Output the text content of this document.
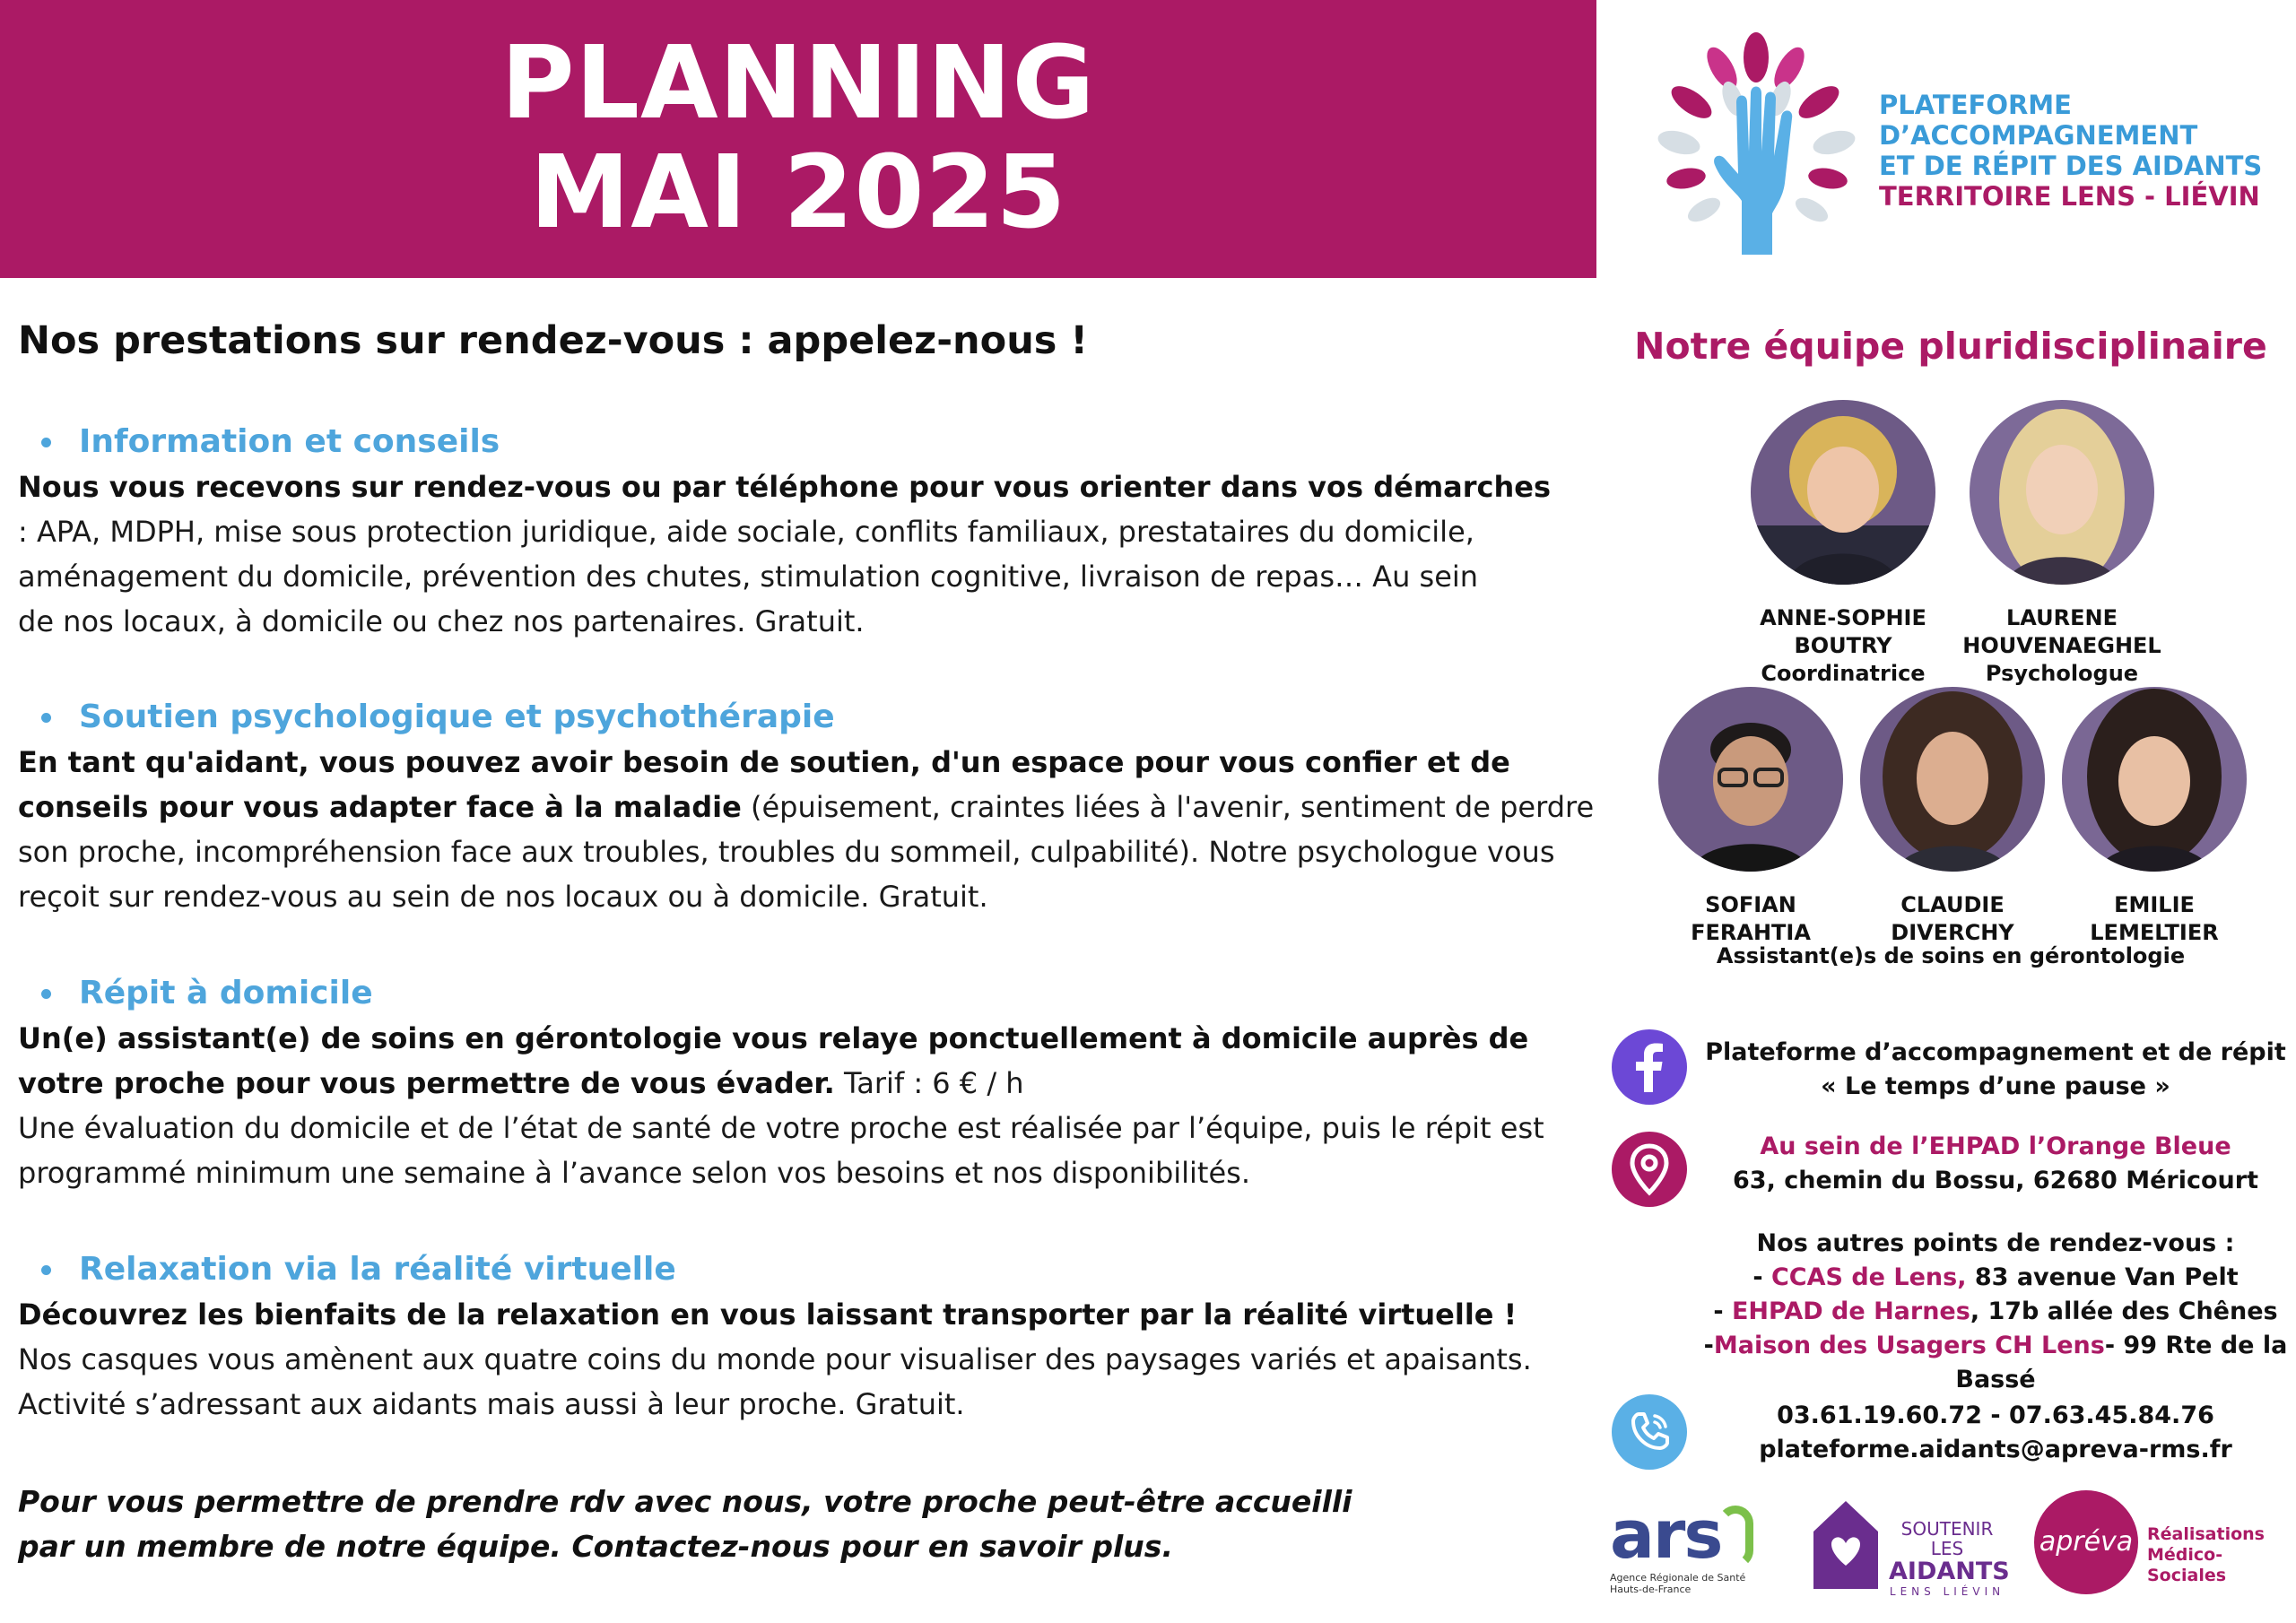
PLANNING
MAI 2025
PLATEFORME
D’ACCOMPAGNEMENT
ET DE RÉPIT DES AIDANTS
TERRITOIRE LENS - LIÉVIN
Nos prestations sur rendez-vous : appelez-nous !
Information et conseils
Nous vous recevons sur rendez-vous ou par téléphone pour vous orienter dans vos démarches: APA, MDPH, mise sous protection juridique, aide sociale, conflits familiaux, prestataires du domicile, aménagement du domicile, prévention des chutes, stimulation cognitive, livraison de repas… Au sein de nos locaux, à domicile ou chez nos partenaires. Gratuit.
Soutien psychologique et psychothérapie
En tant qu'aidant, vous pouvez avoir besoin de soutien, d'un espace pour vous confier et de conseils pour vous adapter face à la maladie (épuisement, craintes liées à l'avenir, sentiment de perdre son proche, incompréhension face aux troubles, troubles du sommeil, culpabilité). Notre psychologue vous reçoit sur rendez-vous au sein de nos locaux ou à domicile. Gratuit.
Répit à domicile
Un(e) assistant(e) de soins en gérontologie vous relaye ponctuellement à domicile auprès de votre proche pour vous permettre de vous évader. Tarif : 6 € / h
Une évaluation du domicile et de l’état de santé de votre proche est réalisée par l’équipe, puis le répit est programmé minimum une semaine à l’avance selon vos besoins et nos disponibilités.
Relaxation via la réalité virtuelle
Découvrez les bienfaits de la relaxation en vous laissant transporter par la réalité virtuelle !
Nos casques vous amènent aux quatre coins du monde pour visualiser des paysages variés et apaisants. Activité s’adressant aux aidants mais aussi à leur proche. Gratuit.
Pour vous permettre de prendre rdv avec nous, votre proche peut-être accueilli
par un membre de notre équipe. Contactez-nous pour en savoir plus.
Notre équipe pluridisciplinaire
ANNE-SOPHIE
BOUTRY
Coordinatrice
LAURENE
HOUVENAEGHEL
Psychologue
SOFIAN
FERAHTIA
CLAUDIE
DIVERCHY
EMILIE
LEMELTIER
Assistant(e)s de soins en gérontologie
Plateforme d’accompagnement et de répit
« Le temps d’une pause »
Au sein de l’EHPAD l’Orange Bleue
63, chemin du Bossu, 62680 Méricourt
Nos autres points de rendez-vous :
- CCAS de Lens, 83 avenue Van Pelt
- EHPAD de Harnes, 17b allée des Chênes
-Maison des Usagers CH Lens- 99 Rte de la
Bassé
03.61.19.60.72 - 07.63.45.84.76
plateforme.aidants@apreva-rms.fr
ars
Agence Régionale de Santé
Hauts-de-France
SOUTENIR LES
AIDANTS
LENS LIÉVIN
apréva Réalisations
Médico-Sociales
